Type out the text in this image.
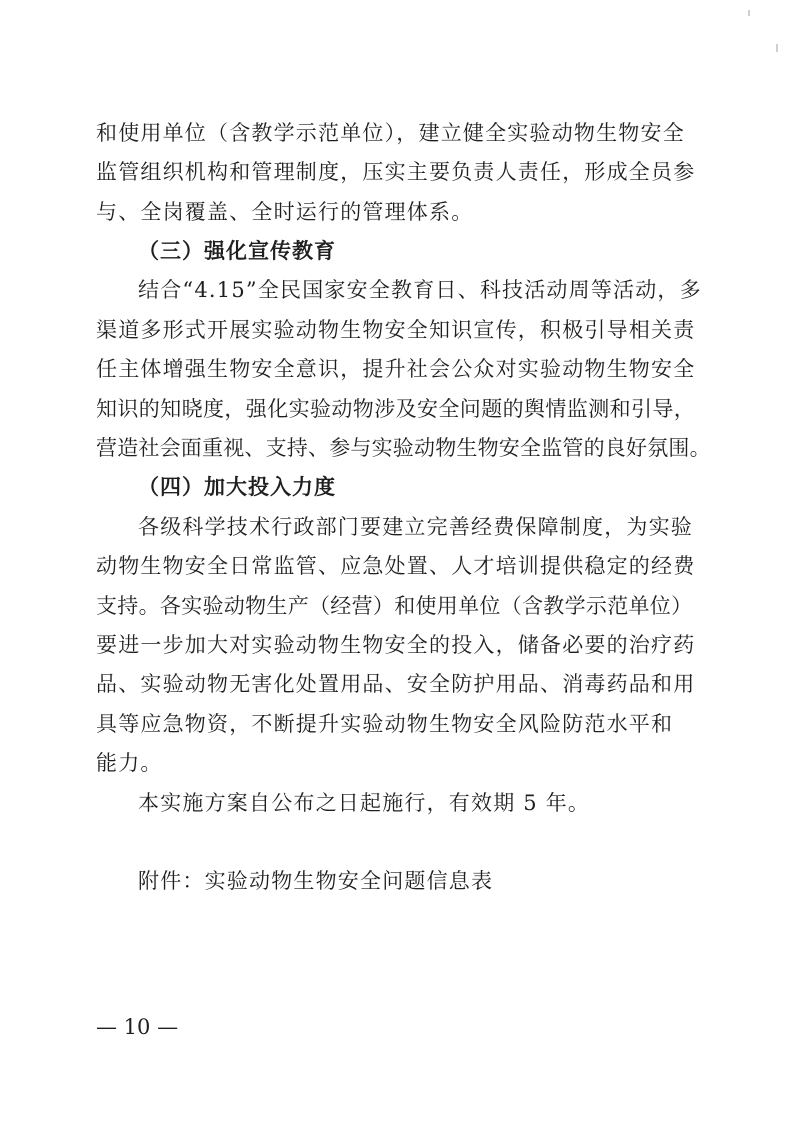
和使用单位（含教学示范单位），建立健全实验动物生物安全
监管组织机构和管理制度，压实主要负责人责任，形成全员参
与、全岗覆盖、全时运行的管理体系。
（三）强化宣传教育
结合“4.15”全民国家安全教育日、科技活动周等活动，多
渠道多形式开展实验动物生物安全知识宣传，积极引导相关责
任主体增强生物安全意识，提升社会公众对实验动物生物安全
知识的知晓度，强化实验动物涉及安全问题的舆情监测和引导，
营造社会面重视、支持、参与实验动物生物安全监管的良好氛围。
（四）加大投入力度
各级科学技术行政部门要建立完善经费保障制度，为实验
动物生物安全日常监管、应急处置、人才培训提供稳定的经费
支持。各实验动物生产（经营）和使用单位（含教学示范单位）
要进一步加大对实验动物生物安全的投入，储备必要的治疗药
品、实验动物无害化处置用品、安全防护用品、消毒药品和用
具等应急物资，不断提升实验动物生物安全风险防范水平和
能力。
本实施方案自公布之日起施行，有效期 5 年。
附件：实验动物生物安全问题信息表
— 10 —
